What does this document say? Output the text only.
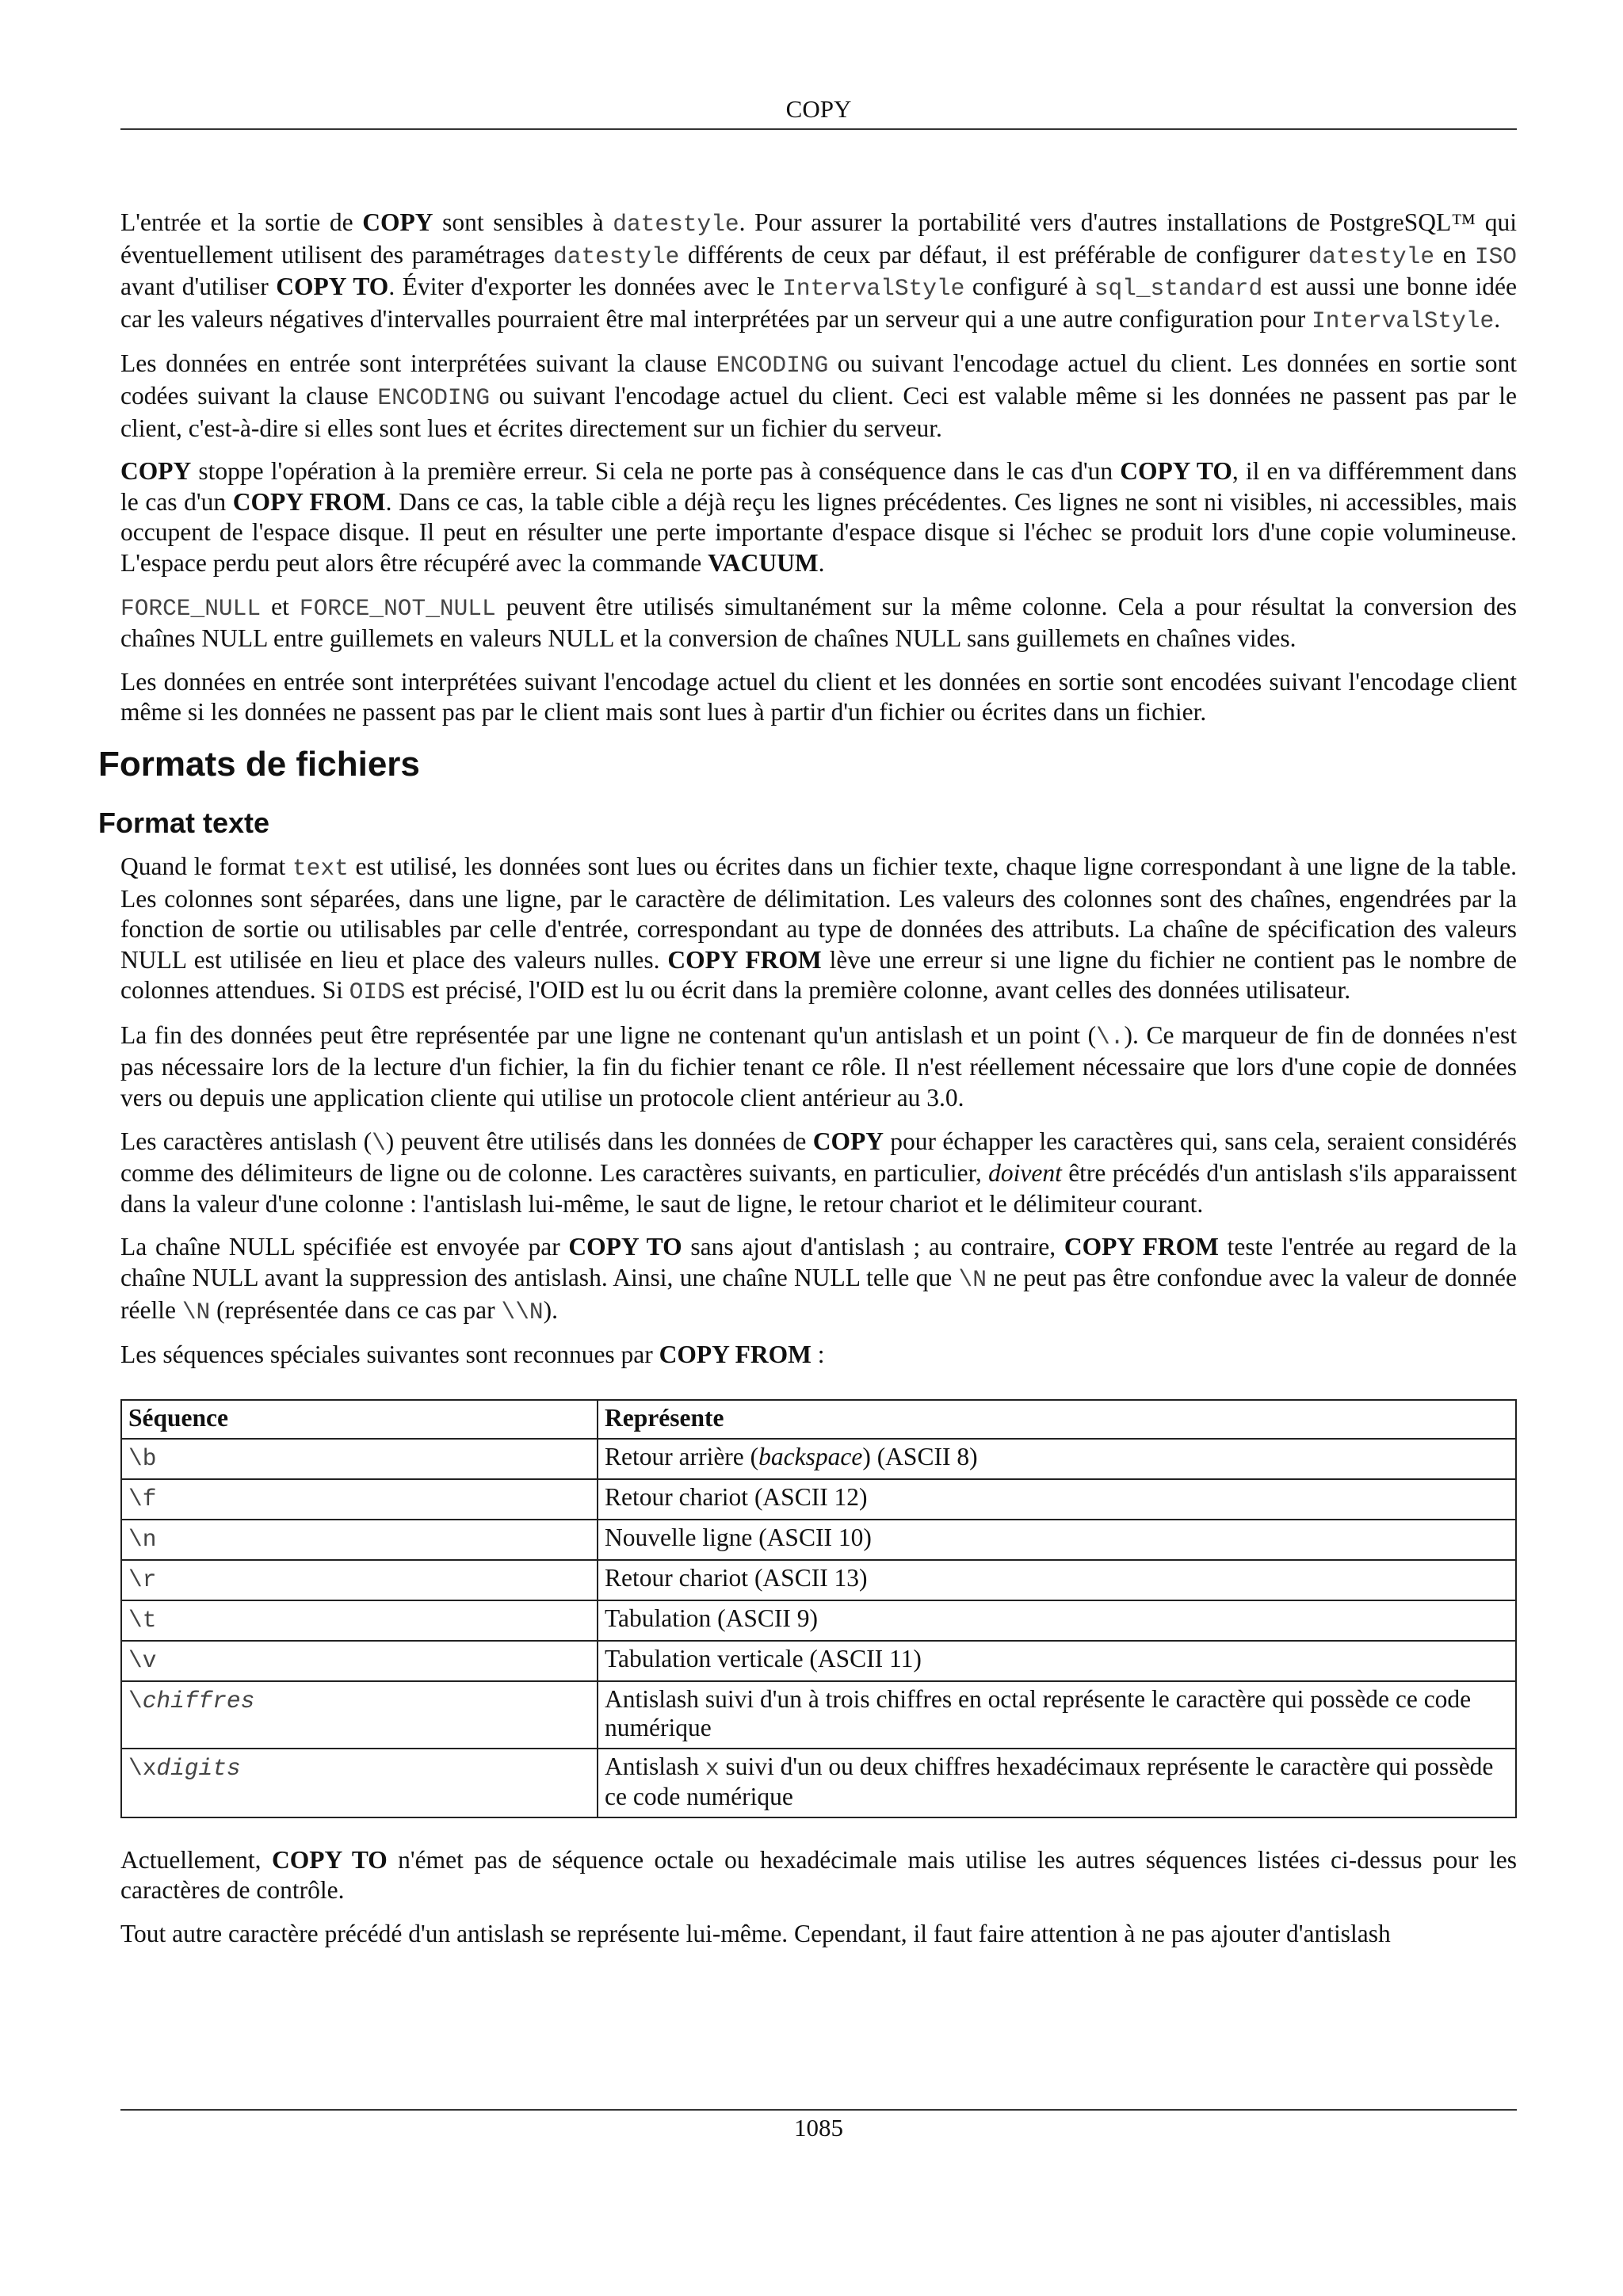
COPY

L'entrée et la sortie de COPY sont sensibles à datestyle. Pour assurer la portabilité vers d'autres installations de PostgreSQL™ qui éventuellement utilisent des paramétrages datestyle différents de ceux par défaut, il est préférable de configurer datestyle en ISO avant d'utiliser COPY TO. Éviter d'exporter les données avec le IntervalStyle configuré à sql_standard est aussi une bonne idée car les valeurs négatives d'intervalles pourraient être mal interprétées par un serveur qui a une autre configuration pour IntervalStyle.

Les données en entrée sont interprétées suivant la clause ENCODING ou suivant l'encodage actuel du client. Les données en sortie sont codées suivant la clause ENCODING ou suivant l'encodage actuel du client. Ceci est valable même si les données ne passent pas par le client, c'est-à-dire si elles sont lues et écrites directement sur un fichier du serveur.

COPY stoppe l'opération à la première erreur. Si cela ne porte pas à conséquence dans le cas d'un COPY TO, il en va différemment dans le cas d'un COPY FROM. Dans ce cas, la table cible a déjà reçu les lignes précédentes. Ces lignes ne sont ni visibles, ni accessibles, mais occupent de l'espace disque. Il peut en résulter une perte importante d'espace disque si l'échec se produit lors d'une copie volumineuse. L'espace perdu peut alors être récupéré avec la commande VACUUM.

FORCE_NULL et FORCE_NOT_NULL peuvent être utilisés simultanément sur la même colonne. Cela a pour résultat la conversion des chaînes NULL entre guillemets en valeurs NULL et la conversion de chaînes NULL sans guillemets en chaînes vides.

Les données en entrée sont interprétées suivant l'encodage actuel du client et les données en sortie sont encodées suivant l'encodage client même si les données ne passent pas par le client mais sont lues à partir d'un fichier ou écrites dans un fichier.

Formats de fichiers
Format texte

Quand le format text est utilisé, les données sont lues ou écrites dans un fichier texte, chaque ligne correspondant à une ligne de la table. Les colonnes sont séparées, dans une ligne, par le caractère de délimitation. Les valeurs des colonnes sont des chaînes, engendrées par la fonction de sortie ou utilisables par celle d'entrée, correspondant au type de données des attributs. La chaîne de spécification des valeurs NULL est utilisée en lieu et place des valeurs nulles. COPY FROM lève une erreur si une ligne du fichier ne contient pas le nombre de colonnes attendues. Si OIDS est précisé, l'OID est lu ou écrit dans la première colonne, avant celles des données utilisateur.

La fin des données peut être représentée par une ligne ne contenant qu'un antislash et un point (\.). Ce marqueur de fin de données n'est pas nécessaire lors de la lecture d'un fichier, la fin du fichier tenant ce rôle. Il n'est réellement nécessaire que lors d'une copie de données vers ou depuis une application cliente qui utilise un protocole client antérieur au 3.0.

Les caractères antislash (\) peuvent être utilisés dans les données de COPY pour échapper les caractères qui, sans cela, seraient considérés comme des délimiteurs de ligne ou de colonne. Les caractères suivants, en particulier, doivent être précédés d'un antislash s'ils apparaissent dans la valeur d'une colonne : l'antislash lui-même, le saut de ligne, le retour chariot et le délimiteur courant.

La chaîne NULL spécifiée est envoyée par COPY TO sans ajout d'antislash ; au contraire, COPY FROM teste l'entrée au regard de la chaîne NULL avant la suppression des antislash. Ainsi, une chaîne NULL telle que \N ne peut pas être confondue avec la valeur de donnée réelle \N (représentée dans ce cas par \\N).

Les séquences spéciales suivantes sont reconnues par COPY FROM :

Séquence	Représente
\b	Retour arrière (backspace) (ASCII 8)
\f	Retour chariot (ASCII 12)
\n	Nouvelle ligne (ASCII 10)
\r	Retour chariot (ASCII 13)
\t	Tabulation (ASCII 9)
\v	Tabulation verticale (ASCII 11)
\chiffres	Antislash suivi d'un à trois chiffres en octal représente le caractère qui possède ce code numérique
\xdigits	Antislash x suivi d'un ou deux chiffres hexadécimaux représente le caractère qui possède ce code numérique

Actuellement, COPY TO n'émet pas de séquence octale ou hexadécimale mais utilise les autres séquences listées ci-dessus pour les caractères de contrôle.

Tout autre caractère précédé d'un antislash se représente lui-même. Cependant, il faut faire attention à ne pas ajouter d'antislash

1085
